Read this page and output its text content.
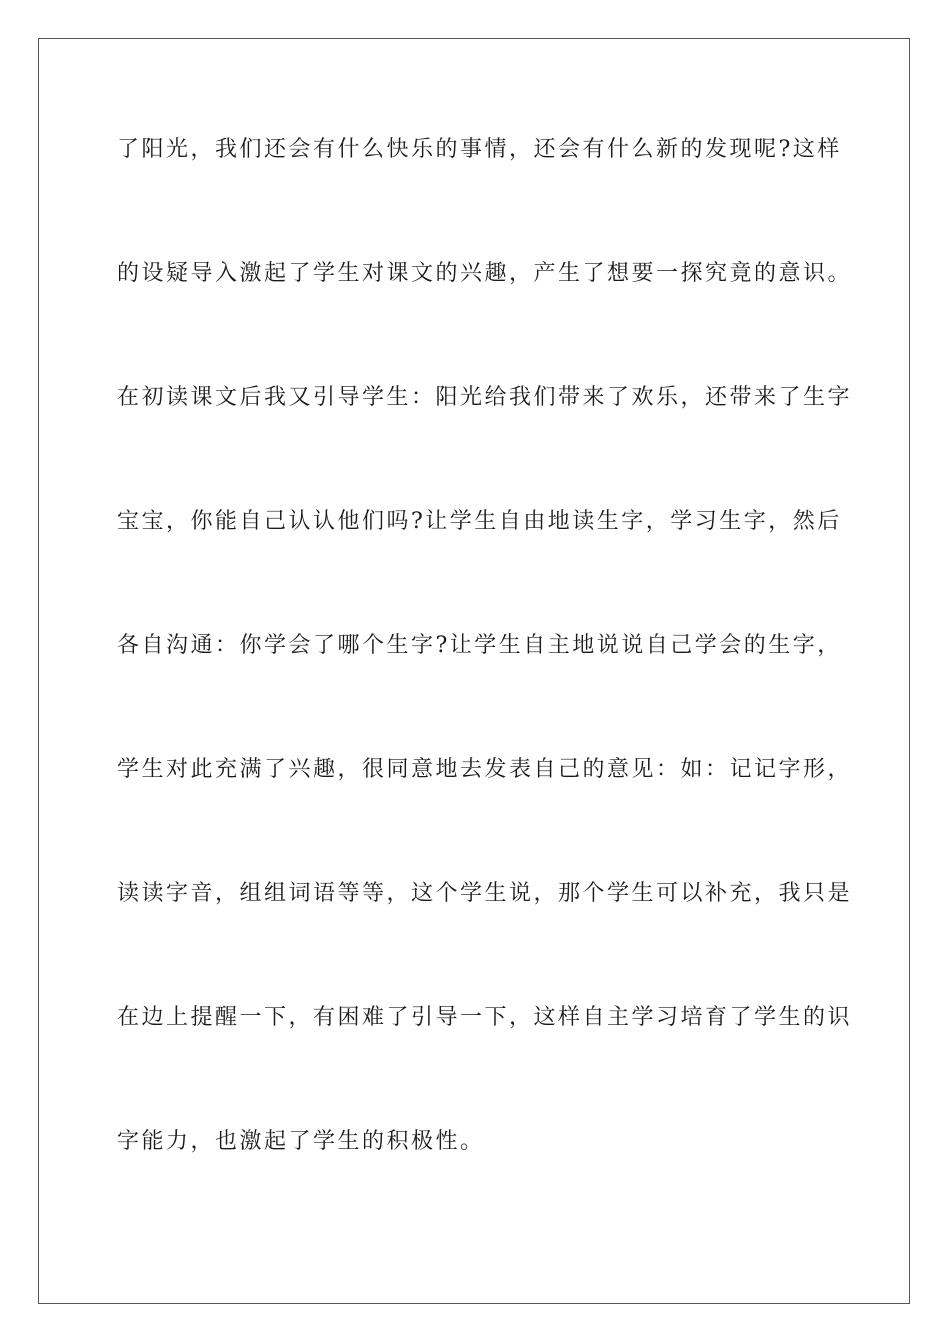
了阳光，我们还会有什么快乐的事情，还会有什么新的发现呢?这样
的设疑导入激起了学生对课文的兴趣，产生了想要一探究竟的意识。
在初读课文后我又引导学生：阳光给我们带来了欢乐，还带来了生字
宝宝，你能自己认认他们吗?让学生自由地读生字，学习生字，然后
各自沟通：你学会了哪个生字?让学生自主地说说自己学会的生字，
学生对此充满了兴趣，很同意地去发表自己的意见：如：记记字形，
读读字音，组组词语等等，这个学生说，那个学生可以补充，我只是
在边上提醒一下，有困难了引导一下，这样自主学习培育了学生的识
字能力，也激起了学生的积极性。
